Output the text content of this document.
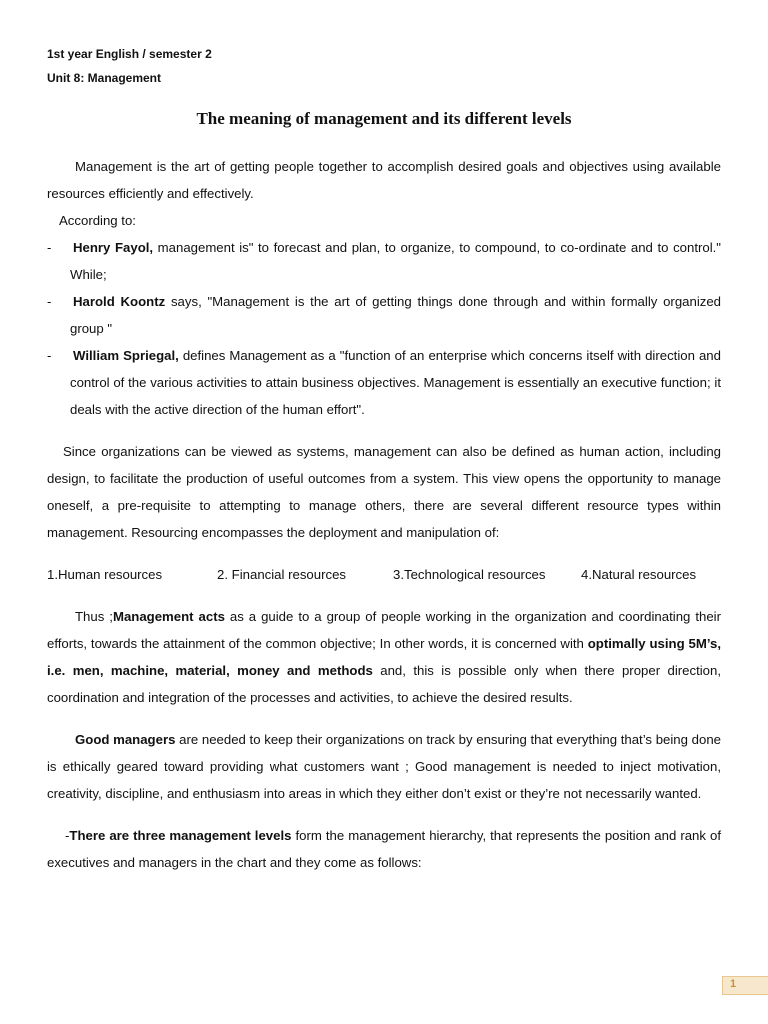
1st year English / semester 2
Unit 8: Management
The meaning of management and its different levels

Management is the art of getting people together to accomplish desired goals and objectives using available resources efficiently and effectively.

According to:

- Henry Fayol, management is" to forecast and plan, to organize, to compound, to co-ordinate and to control." While;
- Harold Koontz says, "Management is the art of getting things done through and within formally organized group "
- William Spriegal, defines Management as a "function of an enterprise which concerns itself with direction and control of the various activities to attain business objectives. Management is essentially an executive function; it deals with the active direction of the human effort".

Since organizations can be viewed as systems, management can also be defined as human action, including design, to facilitate the production of useful outcomes from a system. This view opens the opportunity to manage oneself, a pre-requisite to attempting to manage others, there are several different resource types within management. Resourcing encompasses the deployment and manipulation of:

1.Human resources	2. Financial resources	3.Technological resources	4.Natural resources

Thus ;Management acts as a guide to a group of people working in the organization and coordinating their efforts, towards the attainment of the common objective; In other words, it is concerned with optimally using 5M’s, i.e. men, machine, material, money and methods and, this is possible only when there proper direction, coordination and integration of the processes and activities, to achieve the desired results.

Good managers are needed to keep their organizations on track by ensuring that everything that’s being done is ethically geared toward providing what customers want ; Good management is needed to inject motivation, creativity, discipline, and enthusiasm into areas in which they either don’t exist or they’re not necessarily wanted.

-There are three management levels form the management hierarchy, that represents the position and rank of executives and managers in the chart and they come as follows:

1
